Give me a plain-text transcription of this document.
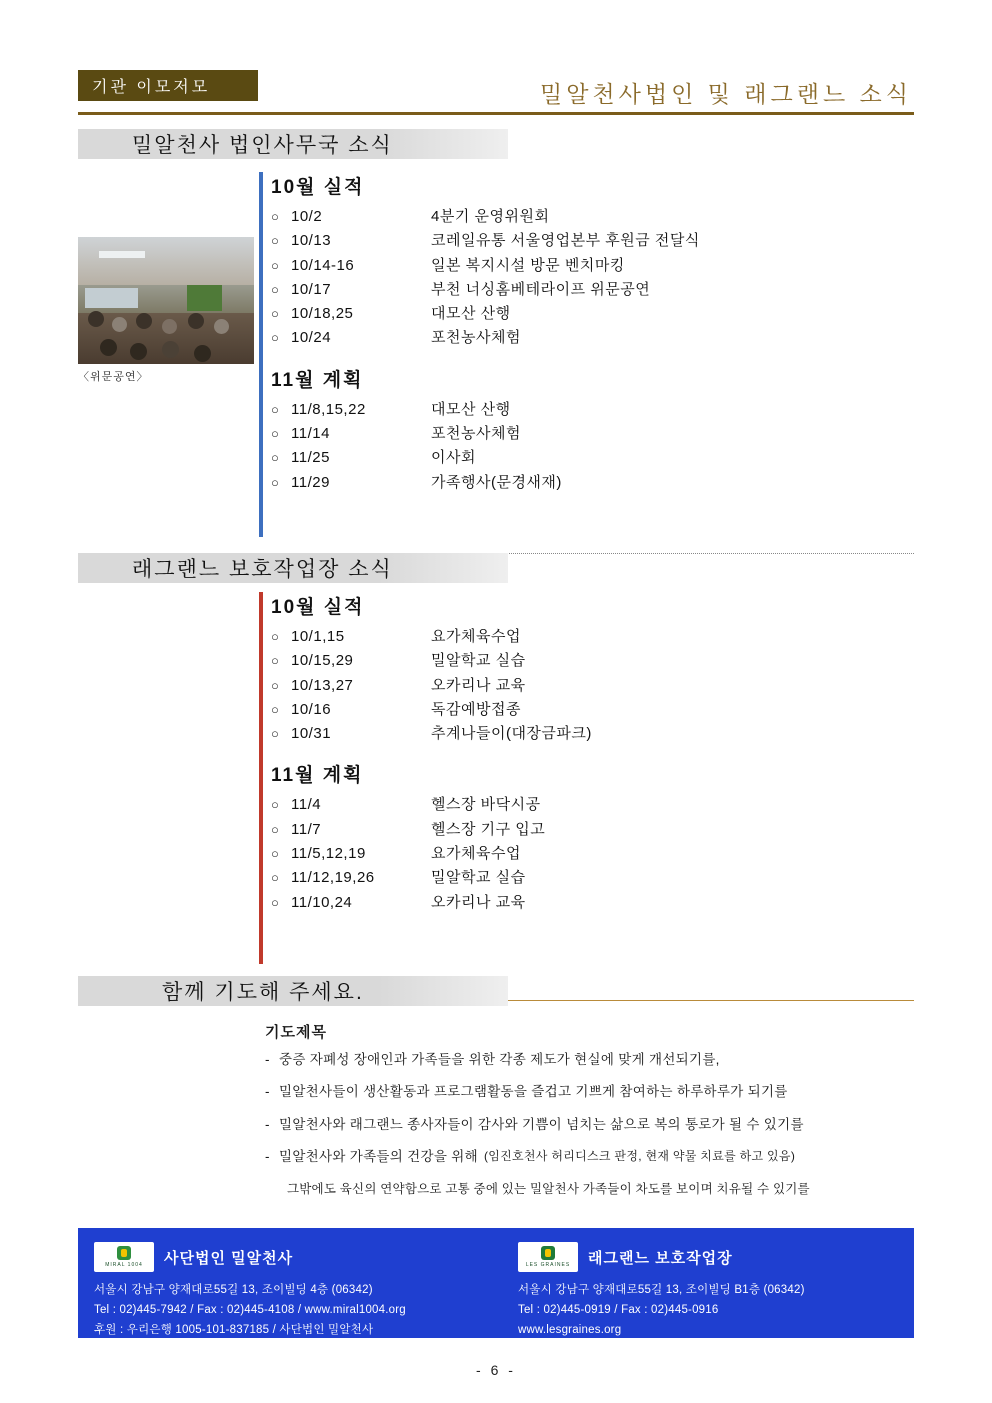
기관 이모저모	밀알천사법인 및 래그랜느 소식
밀알천사 법인사무국 소식
〈위문공연〉
10월 실적
○ 10/2	4분기 운영위원회
○ 10/13	코레일유통 서울영업본부 후원금 전달식
○ 10/14-16	일본 복지시설 방문 벤치마킹
○ 10/17	부천 너싱홈베테라이프 위문공연
○ 10/18,25	대모산 산행
○ 10/24	포천농사체험
11월 계획
○ 11/8,15,22	대모산 산행
○ 11/14	포천농사체험
○ 11/25	이사회
○ 11/29	가족행사(문경새재)
래그랜느 보호작업장 소식
10월 실적
○ 10/1,15	요가체육수업
○ 10/15,29	밀알학교 실습
○ 10/13,27	오카리나 교육
○ 10/16	독감예방접종
○ 10/31	추계나들이(대장금파크)
11월 계획
○ 11/4	헬스장 바닥시공
○ 11/7	헬스장 기구 입고
○ 11/5,12,19	요가체육수업
○ 11/12,19,26	밀알학교 실습
○ 11/10,24	오카리나 교육
함께 기도해 주세요.
기도제목
- 중증 자폐성 장애인과 가족들을 위한 각종 제도가 현실에 맞게 개선되기를,
- 밀알천사들이 생산활동과 프로그램활동을 즐겁고 기쁘게 참여하는 하루하루가 되기를
- 밀알천사와 래그랜느 종사자들이 감사와 기쁨이 넘치는 삶으로 복의 통로가 될 수 있기를
- 밀알천사와 가족들의 건강을 위해 (임진호천사 허리디스크 판정, 현재 약물 치료를 하고 있음)
그밖에도 육신의 연약함으로 고통 중에 있는 밀알천사 가족들이 차도를 보이며 치유될 수 있기를
MIRAL 1004 사단법인 밀알천사
서울시 강남구 양재대로55길 13, 조이빌딩 4층 (06342)
Tel : 02)445-7942 / Fax : 02)445-4108 / www.miral1004.org
후원 : 우리은행 1005-101-837185 / 사단법인 밀알천사
LES GRAINES 래그랜느 보호작업장
서울시 강남구 양재대로55길 13, 조이빌딩 B1층 (06342)
Tel : 02)445-0919 / Fax : 02)445-0916
www.lesgraines.org
- 6 -
